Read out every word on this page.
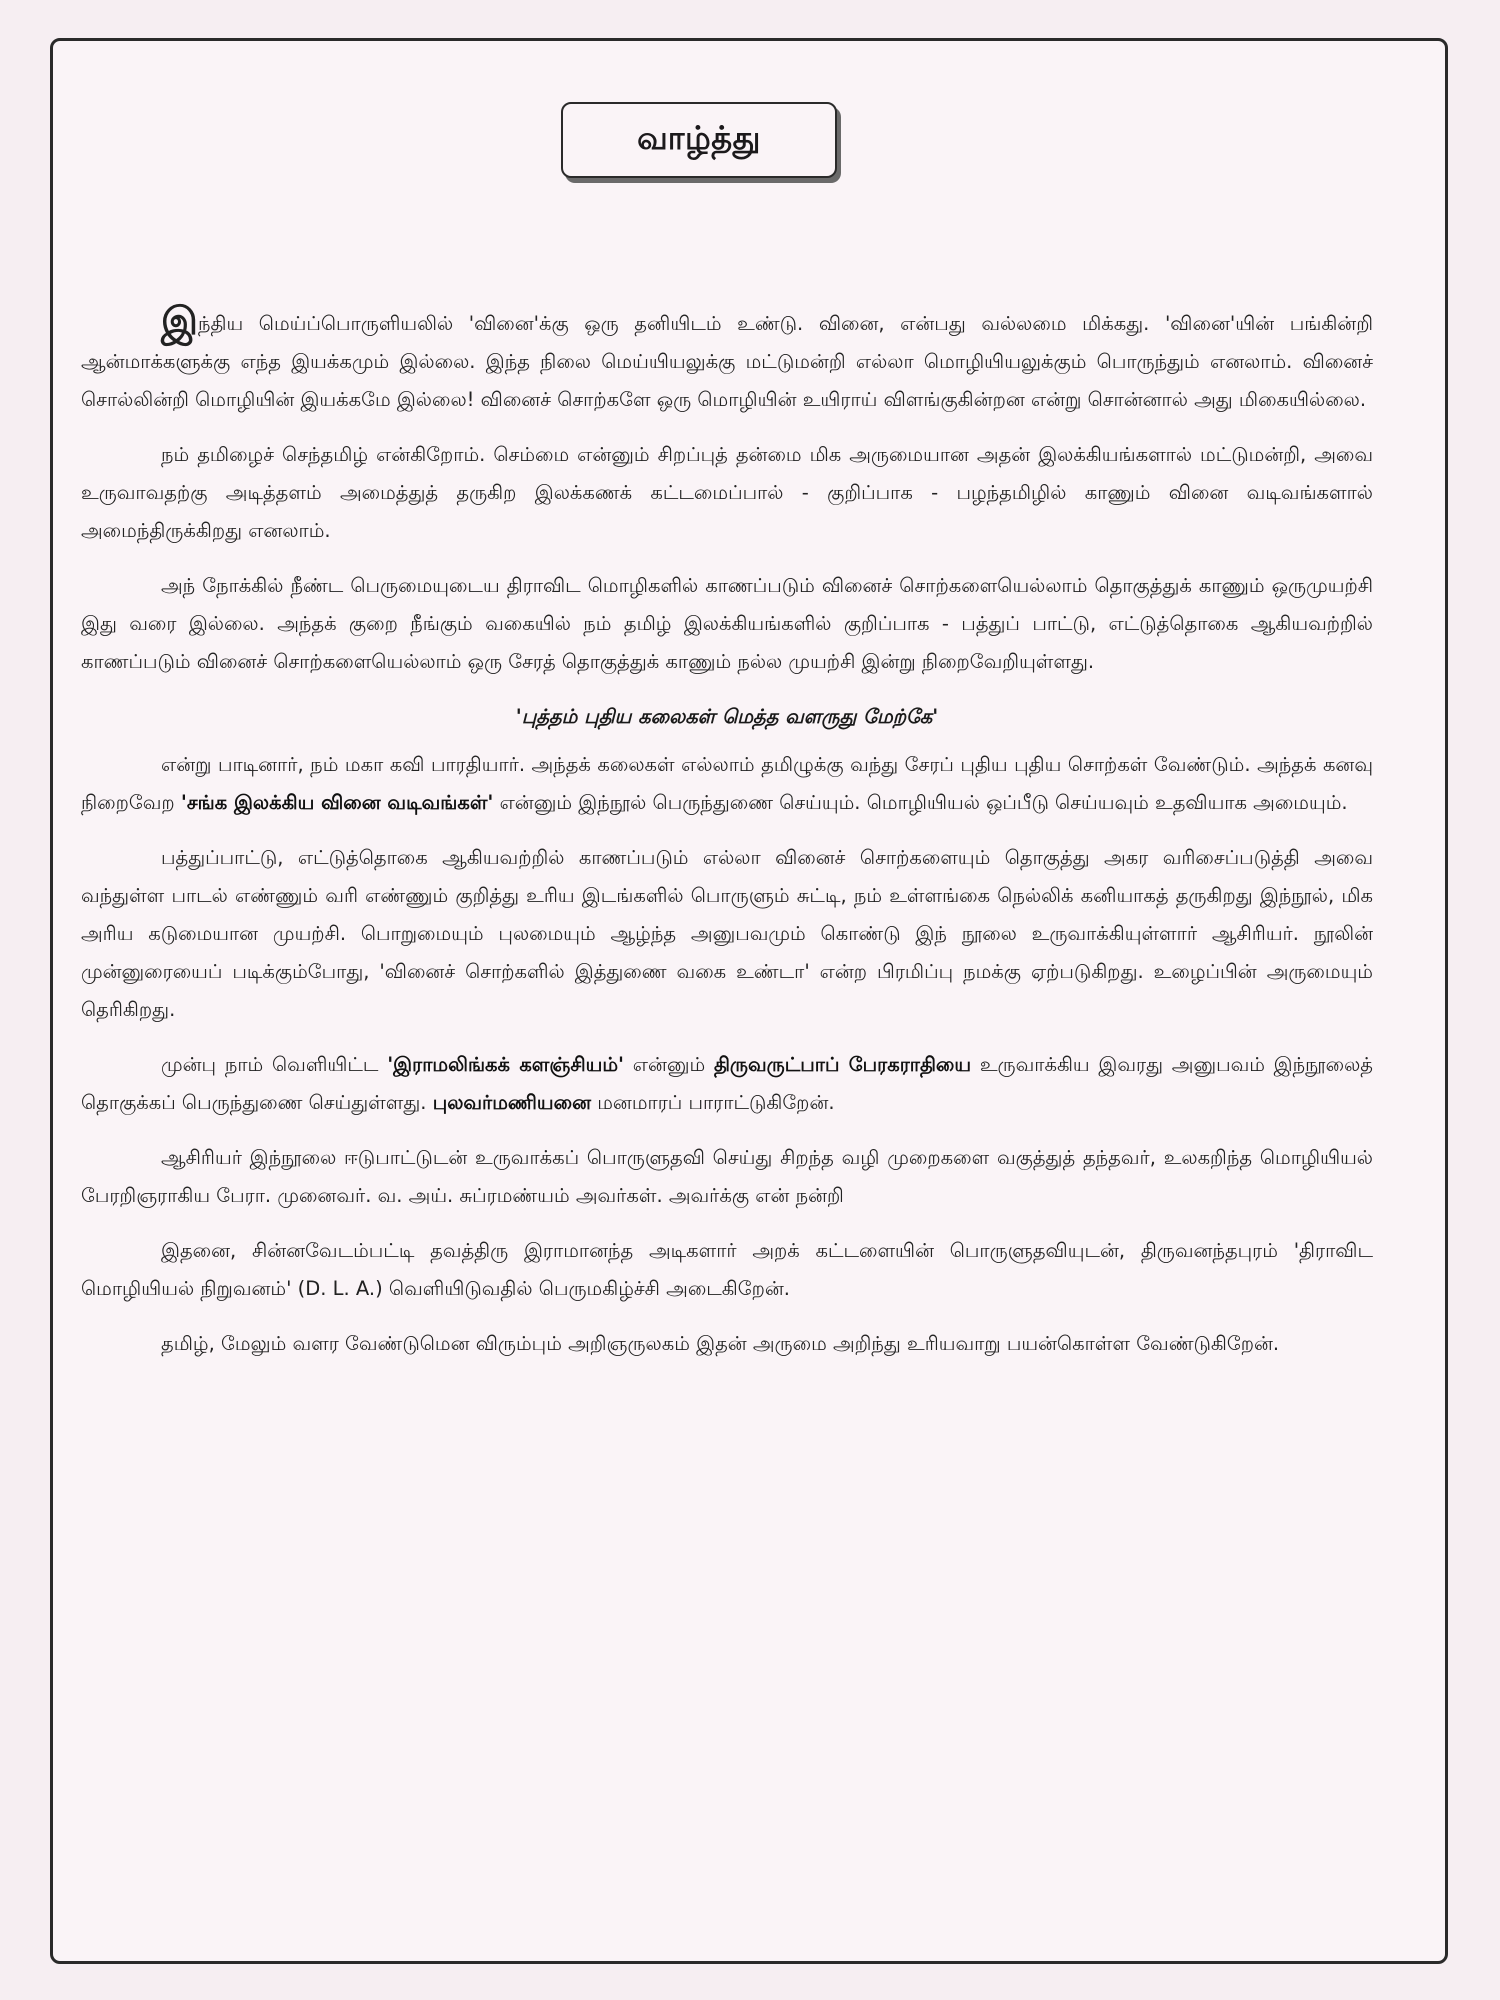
வாழ்த்து

இந்திய மெய்ப்பொருளியலில் 'வினை'க்கு ஒரு தனியிடம் உண்டு. வினை, என்பது வல்லமை மிக்கது. 'வினை'யின் பங்கின்றி ஆன்மாக்களுக்கு எந்த இயக்கமும் இல்லை. இந்த நிலை மெய்யியலுக்கு மட்டுமன்றி எல்லா மொழியியலுக்கும் பொருந்தும் எனலாம். வினைச் சொல்லின்றி மொழியின் இயக்கமே இல்லை! வினைச் சொற்களே ஒரு மொழியின் உயிராய் விளங்குகின்றன என்று சொன்னால் அது மிகையில்லை.

நம் தமிழைச் செந்தமிழ் என்கிறோம். செம்மை என்னும் சிறப்புத் தன்மை மிக அருமையான அதன் இலக்கியங்களால் மட்டுமன்றி, அவை உருவாவதற்கு அடித்தளம் அமைத்துத் தருகிற இலக்கணக் கட்டமைப்பால் - குறிப்பாக - பழந்தமிழில் காணும் வினை வடிவங்களால் அமைந்திருக்கிறது எனலாம்.

அந் நோக்கில் நீண்ட பெருமையுடைய திராவிட மொழிகளில் காணப்படும் வினைச் சொற்களையெல்லாம் தொகுத்துக் காணும் ஒருமுயற்சி இது வரை இல்லை. அந்தக் குறை நீங்கும் வகையில் நம் தமிழ் இலக்கியங்களில் குறிப்பாக - பத்துப் பாட்டு, எட்டுத்தொகை ஆகியவற்றில் காணப்படும் வினைச் சொற்களையெல்லாம் ஒரு சேரத் தொகுத்துக் காணும் நல்ல முயற்சி இன்று நிறைவேறியுள்ளது.

'புத்தம் புதிய கலைகள் மெத்த வளருது மேற்கே'

என்று பாடினார், நம் மகா கவி பாரதியார். அந்தக் கலைகள் எல்லாம் தமிழுக்கு வந்து சேரப் புதிய புதிய சொற்கள் வேண்டும். அந்தக் கனவு நிறைவேற 'சங்க இலக்கிய வினை வடிவங்கள்' என்னும் இந்நூல் பெருந்துணை செய்யும். மொழியியல் ஒப்பீடு செய்யவும் உதவியாக அமையும்.

பத்துப்பாட்டு, எட்டுத்தொகை ஆகியவற்றில் காணப்படும் எல்லா வினைச் சொற்களையும் தொகுத்து அகர வரிசைப்படுத்தி அவை வந்துள்ள பாடல் எண்ணும் வரி எண்ணும் குறித்து உரிய இடங்களில் பொருளும் சுட்டி, நம் உள்ளங்கை நெல்லிக் கனியாகத் தருகிறது இந்நூல், மிக அரிய கடுமையான முயற்சி. பொறுமையும் புலமையும் ஆழ்ந்த அனுபவமும் கொண்டு இந் நூலை உருவாக்கியுள்ளார் ஆசிரியர். நூலின் முன்னுரையைப் படிக்கும்போது, 'வினைச் சொற்களில் இத்துணை வகை உண்டா' என்ற பிரமிப்பு நமக்கு ஏற்படுகிறது. உழைப்பின் அருமையும் தெரிகிறது.

முன்பு நாம் வெளியிட்ட 'இராமலிங்கக் களஞ்சியம்' என்னும் திருவருட்பாப் பேரகராதியை உருவாக்கிய இவரது அனுபவம் இந்நூலைத் தொகுக்கப் பெருந்துணை செய்துள்ளது. புலவர்மணியனை மனமாரப் பாராட்டுகிறேன்.

ஆசிரியர் இந்நூலை ஈடுபாட்டுடன் உருவாக்கப் பொருளுதவி செய்து சிறந்த வழி முறைகளை வகுத்துத் தந்தவர், உலகறிந்த மொழியியல் பேரறிஞராகிய பேரா. முனைவர். வ. அய். சுப்ரமண்யம் அவர்கள். அவர்க்கு என் நன்றி

இதனை, சின்னவேடம்பட்டி தவத்திரு இராமானந்த அடிகளார் அறக் கட்டளையின் பொருளுதவியுடன், திருவனந்தபுரம் 'திராவிட மொழியியல் நிறுவனம்' (D. L. A.) வெளியிடுவதில் பெருமகிழ்ச்சி அடைகிறேன்.

தமிழ், மேலும் வளர வேண்டுமென விரும்பும் அறிஞருலகம் இதன் அருமை அறிந்து உரியவாறு பயன்கொள்ள வேண்டுகிறேன்.
